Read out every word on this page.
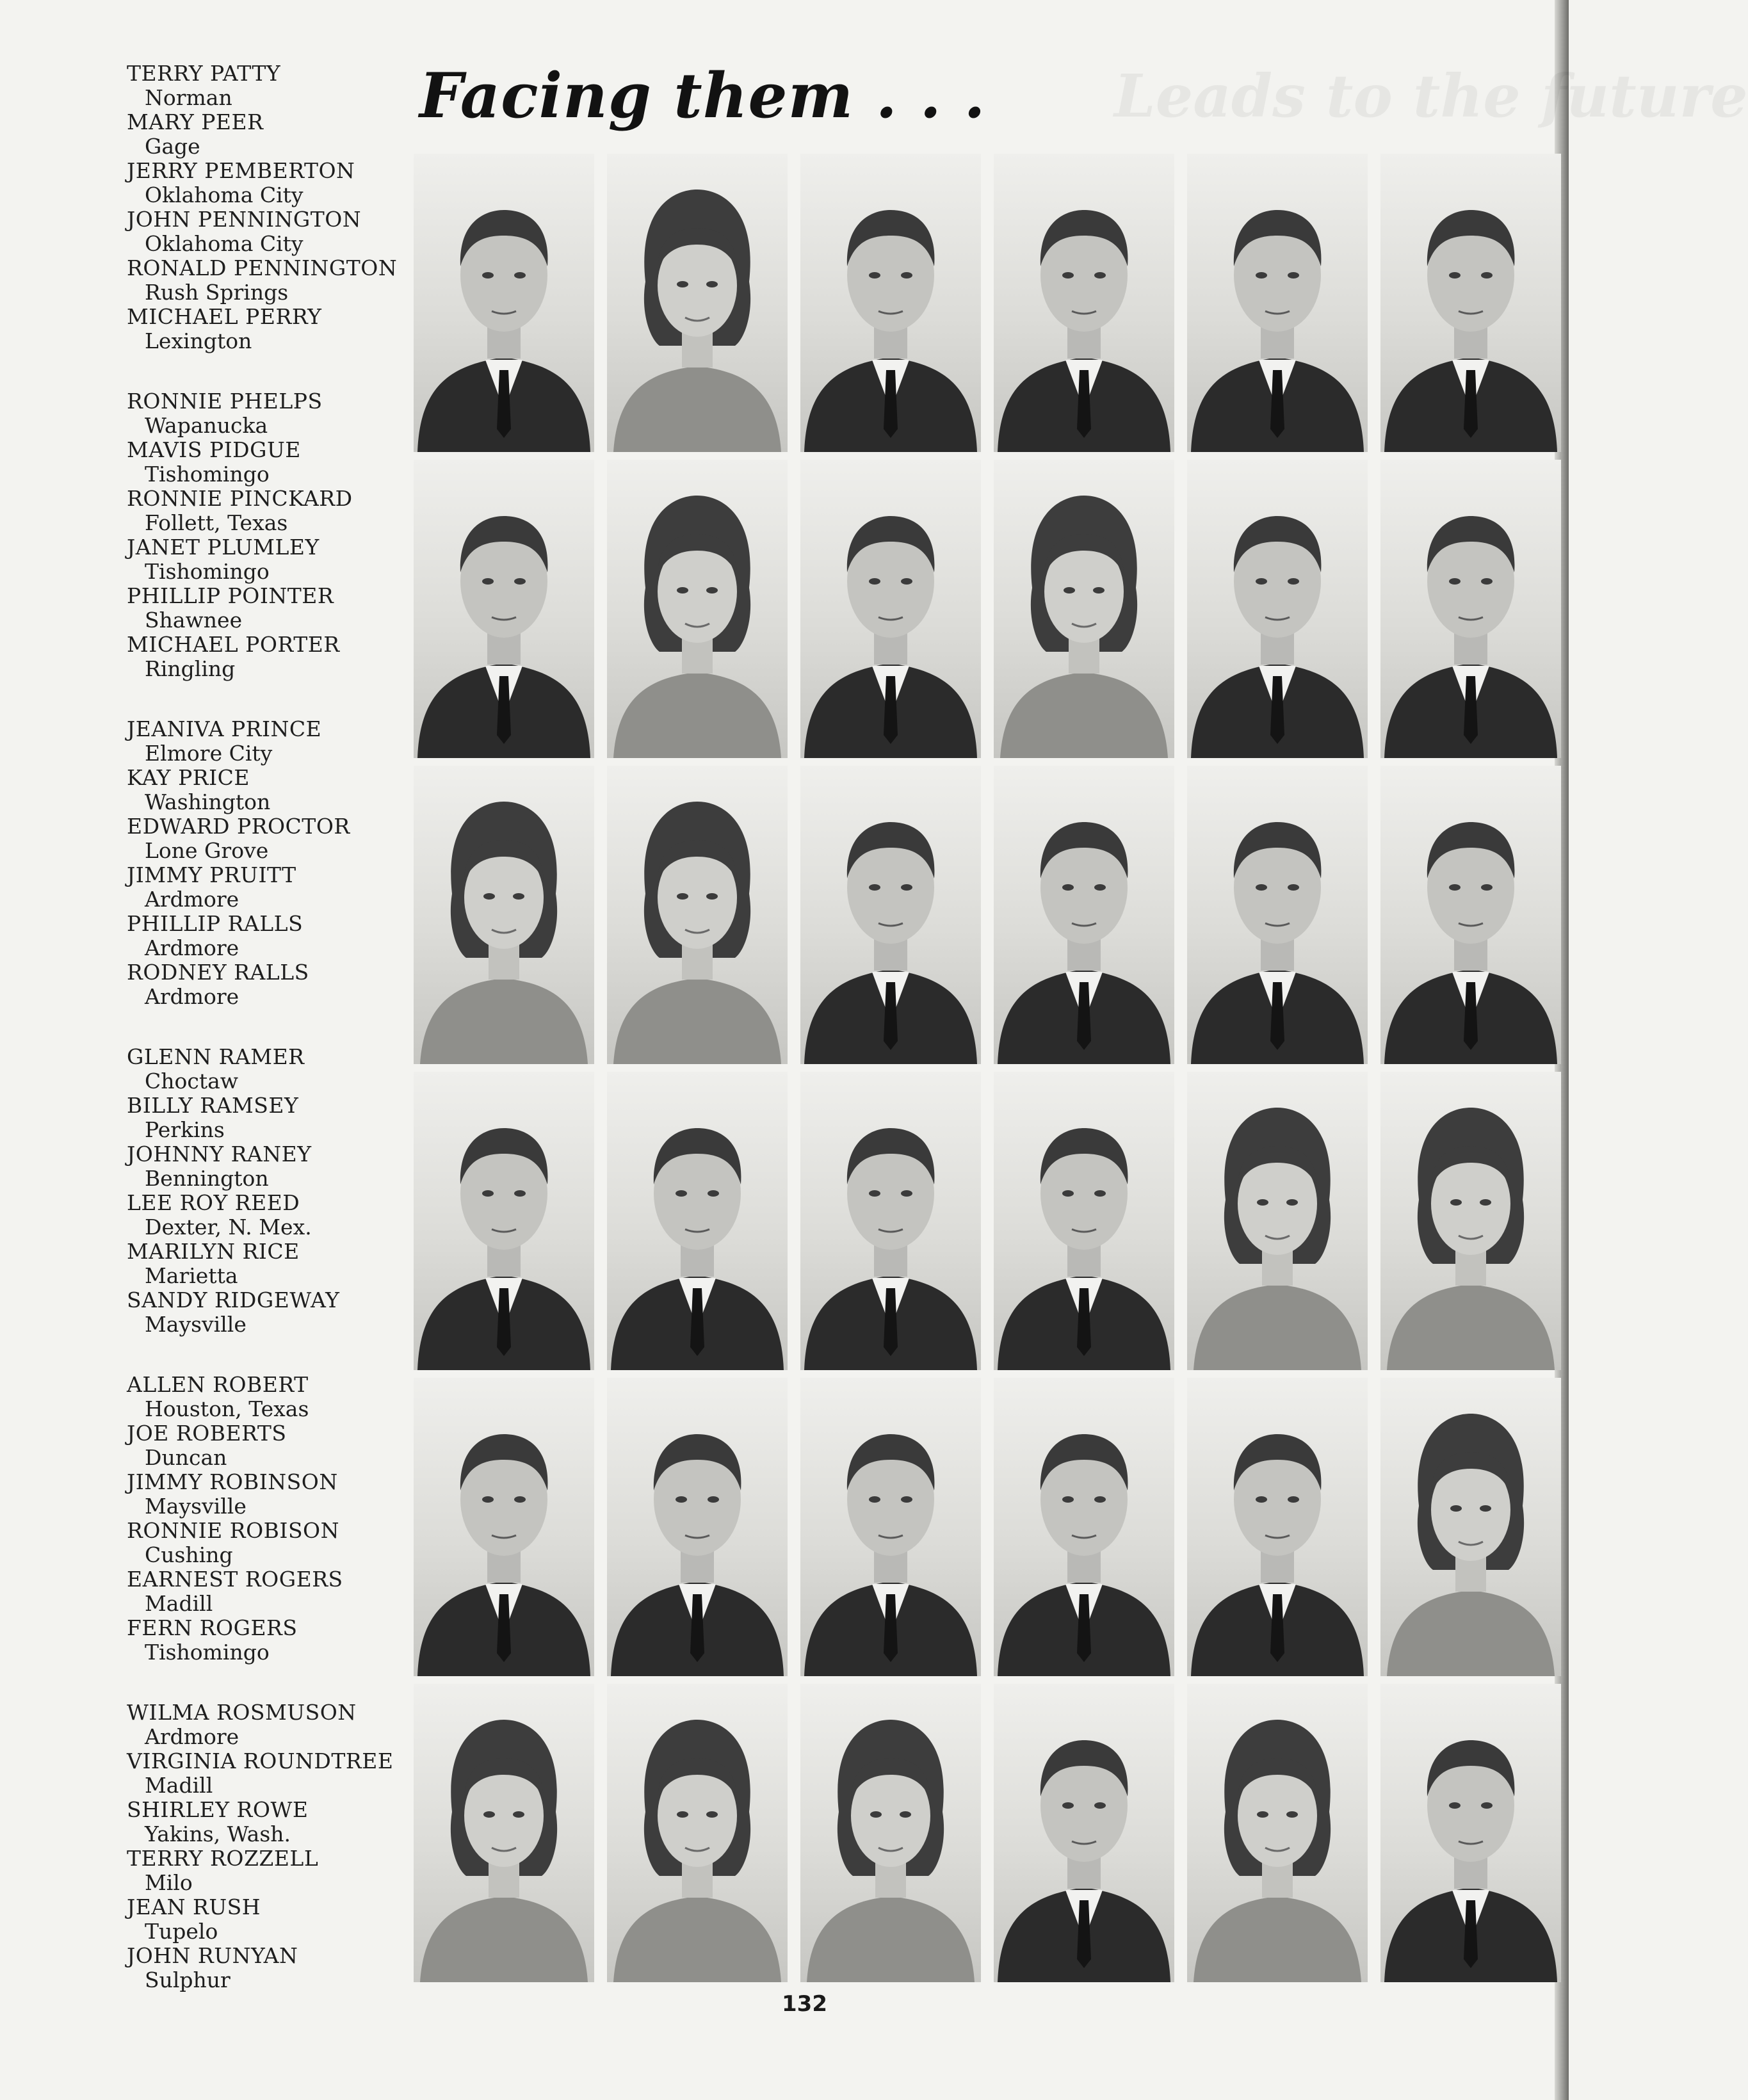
TERRY PATTY
Norman
MARY PEER
Gage
JERRY PEMBERTON
Oklahoma City
JOHN PENNINGTON
Oklahoma City
RONALD PENNINGTON
Rush Springs
MICHAEL PERRY
Lexington
RONNIE PHELPS
Wapanucka
MAVIS PIDGUE
Tishomingo
RONNIE PINCKARD
Follett, Texas
JANET PLUMLEY
Tishomingo
PHILLIP POINTER
Shawnee
MICHAEL PORTER
Ringling
JEANIVA PRINCE
Elmore City
KAY PRICE
Washington
EDWARD PROCTOR
Lone Grove
JIMMY PRUITT
Ardmore
PHILLIP RALLS
Ardmore
RODNEY RALLS
Ardmore
GLENN RAMER
Choctaw
BILLY RAMSEY
Perkins
JOHNNY RANEY
Bennington
LEE ROY REED
Dexter, N. Mex.
MARILYN RICE
Marietta
SANDY RIDGEWAY
Maysville
ALLEN ROBERT
Houston, Texas
JOE ROBERTS
Duncan
JIMMY ROBINSON
Maysville
RONNIE ROBISON
Cushing
EARNEST ROGERS
Madill
FERN ROGERS
Tishomingo
WILMA ROSMUSON
Ardmore
VIRGINIA ROUNDTREE
Madill
SHIRLEY ROWE
Yakins, Wash.
TERRY ROZZELL
Milo
JEAN RUSH
Tupelo
JOHN RUNYAN
Sulphur
Facing them . . . Leads to the future
132
